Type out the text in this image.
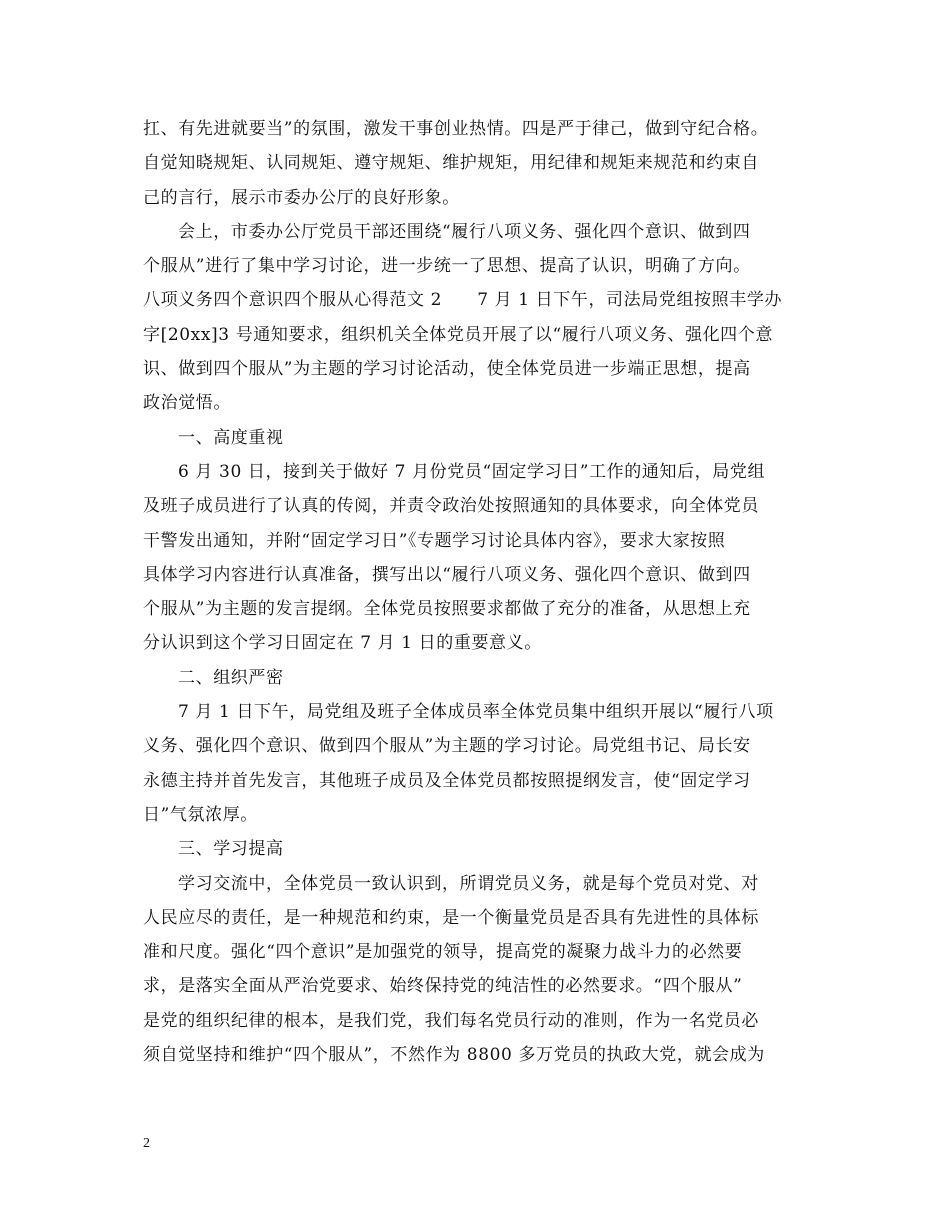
扛、有先进就要当”的氛围，激发干事创业热情。四是严于律己，做到守纪合格。
自觉知晓规矩、认同规矩、遵守规矩、维护规矩，用纪律和规矩来规范和约束自
己的言行，展示市委办公厅的良好形象。
会上，市委办公厅党员干部还围绕“履行八项义务、强化四个意识、做到四
个服从”进行了集中学习讨论，进一步统一了思想、提高了认识，明确了方向。
八项义务四个意识四个服从心得范文 2　　7 月 1 日下午，司法局党组按照丰学办
字[20xx]3 号通知要求，组织机关全体党员开展了以“履行八项义务、强化四个意
识、做到四个服从”为主题的学习讨论活动，使全体党员进一步端正思想，提高
政治觉悟。
一、高度重视
6 月 30 日，接到关于做好 7 月份党员“固定学习日”工作的通知后，局党组
及班子成员进行了认真的传阅，并责令政治处按照通知的具体要求，向全体党员
干警发出通知，并附“固定学习日”《专题学习讨论具体内容》，要求大家按照
具体学习内容进行认真准备，撰写出以“履行八项义务、强化四个意识、做到四
个服从”为主题的发言提纲。全体党员按照要求都做了充分的准备，从思想上充
分认识到这个学习日固定在 7 月 1 日的重要意义。
二、组织严密
7 月 1 日下午，局党组及班子全体成员率全体党员集中组织开展以“履行八项
义务、强化四个意识、做到四个服从”为主题的学习讨论。局党组书记、局长安
永德主持并首先发言，其他班子成员及全体党员都按照提纲发言，使“固定学习
日”气氛浓厚。
三、学习提高
学习交流中，全体党员一致认识到，所谓党员义务，就是每个党员对党、对
人民应尽的责任，是一种规范和约束，是一个衡量党员是否具有先进性的具体标
准和尺度。强化“四个意识”是加强党的领导，提高党的凝聚力战斗力的必然要
求，是落实全面从严治党要求、始终保持党的纯洁性的必然要求。“四个服从”
是党的组织纪律的根本，是我们党，我们每名党员行动的准则，作为一名党员必
须自觉坚持和维护“四个服从”，不然作为 8800 多万党员的执政大党，就会成为
2
